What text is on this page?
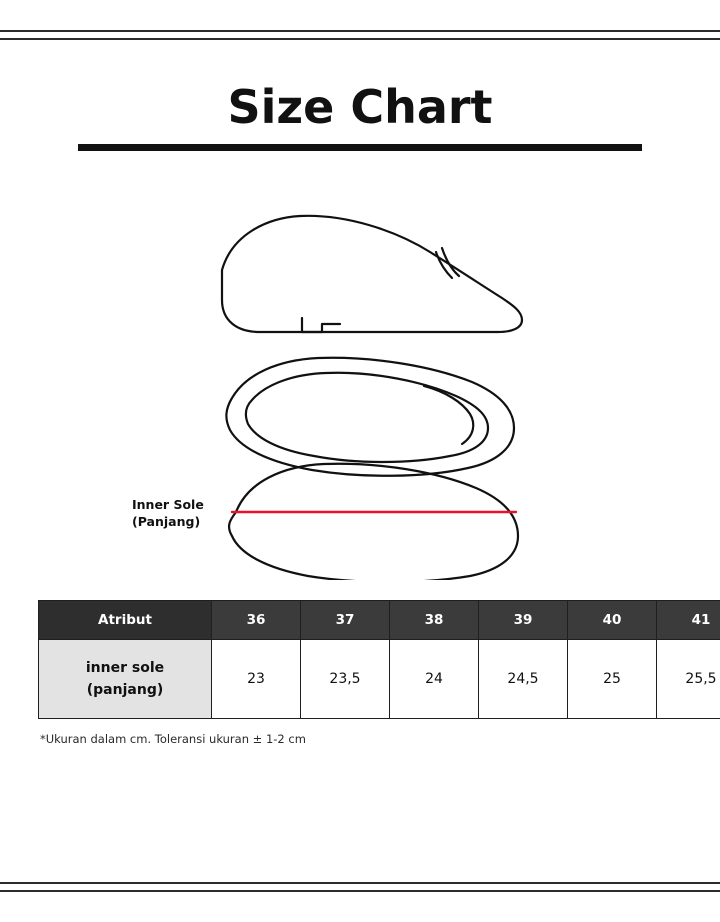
Size Chart
Inner Sole
(Panjang)
Atribut	36	37	38	39	40	41

inner sole
(panjang)	23	23,5	24	24,5	25	25,5
*Ukuran dalam cm. Toleransi ukuran ± 1-2 cm
